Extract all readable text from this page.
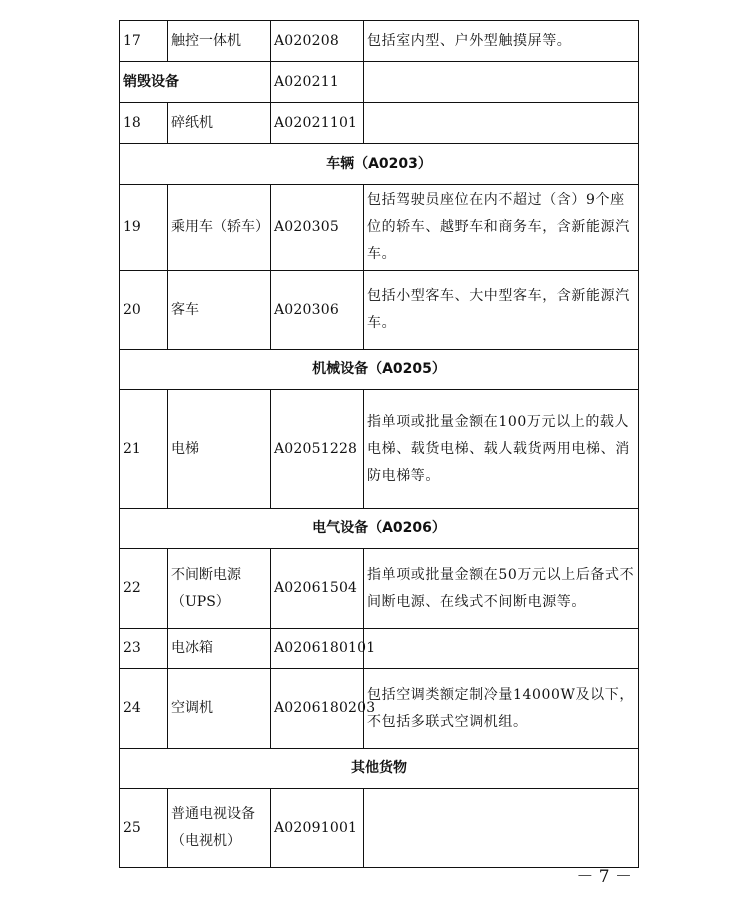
17	触控一体机	A020208	包括室内型、户外型触摸屏等。
销毁设备		A020211	
18	碎纸机	A02021101	
车辆（A0203）			
19	乘用车（轿车）	A020305	包括驾驶员座位在内不超过（含）9个座位的轿车、越野车和商务车，含新能源汽车。
20	客车	A020306	包括小型客车、大中型客车，含新能源汽车。
机械设备（A0205）			
21	电梯	A02051228	指单项或批量金额在100万元以上的载人电梯、载货电梯、载人载货两用电梯、消防电梯等。
电气设备（A0206）			
22	不间断电源（UPS）	A02061504	指单项或批量金额在50万元以上后备式不间断电源、在线式不间断电源等。
23	电冰箱	A0206180101	
24	空调机	A0206180203	包括空调类额定制冷量14000W及以下，不包括多联式空调机组。
其他货物			
25	普通电视设备（电视机）	A02091001	
－ 7 －
